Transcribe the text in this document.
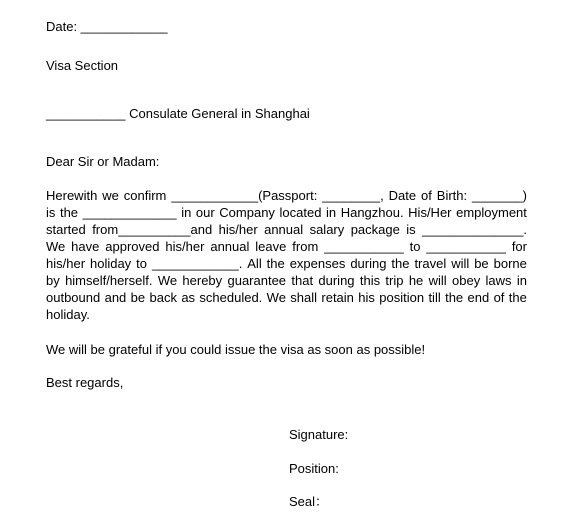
Date: ____________
Visa Section
___________ Consulate General in Shanghai
Dear Sir or Madam:
Herewith we confirm ____________(Passport: ________, Date of Birth: _______)
is the _____________ in our Company located in Hangzhou. His/Her employment
started from__________and his/her annual salary package is ______________.
We have approved his/her annual leave from ___________ to ___________ for
his/her holiday to ____________. All the expenses during the travel will be borne
by himself/herself. We hereby guarantee that during this trip he will obey laws in
outbound and be back as scheduled. We shall retain his position till the end of the
holiday.
We will be grateful if you could issue the visa as soon as possible!
Best regards,
Signature:
Position:
Seal：
